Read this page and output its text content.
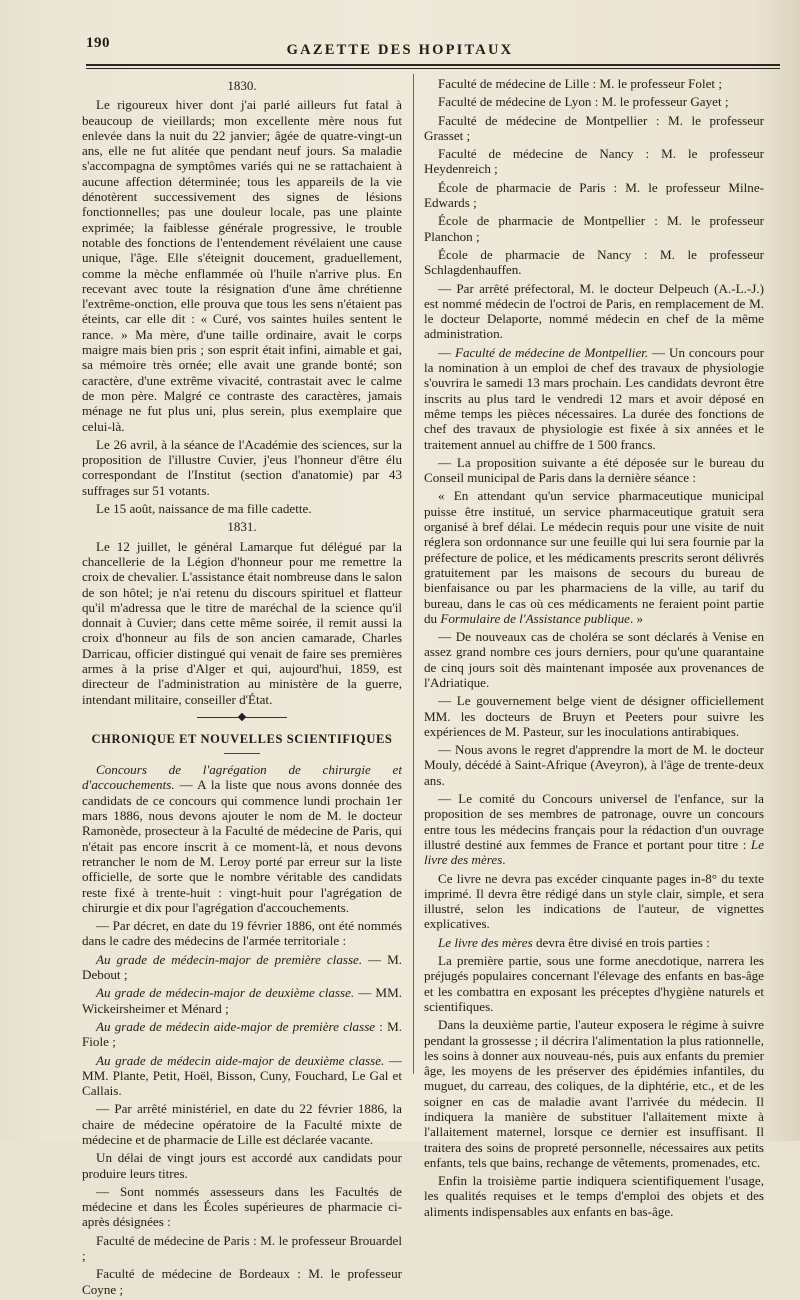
190	GAZETTE DES HOPITAUX
1830.

Le rigoureux hiver dont j'ai parlé ailleurs fut fatal à beaucoup de vieillards; mon excellente mère nous fut enlevée dans la nuit du 22 janvier; âgée de quatre-vingt-un ans, elle ne fut alitée que pendant neuf jours. Sa maladie s'accompagna de symptômes variés qui ne se rattachaient à aucune affection déterminée; tous les appareils de la vie dénotèrent successivement des signes de lésions fonctionnelles; pas une douleur locale, pas une plainte exprimée; la faiblesse générale progressive, le trouble notable des fonctions de l'entendement révélaient une cause unique, l'âge. Elle s'éteignit doucement, graduellement, comme la mèche enflammée où l'huile n'arrive plus. En recevant avec toute la résignation d'une âme chrétienne l'extrême-onction, elle prouva que tous les sens n'étaient pas éteints, car elle dit : « Curé, vos saintes huiles sentent le rance. » Ma mère, d'une taille ordinaire, avait le corps maigre mais bien pris ; son esprit était infini, aimable et gai, sa mémoire très ornée; elle avait une grande bonté; son caractère, d'une extrême vivacité, contrastait avec le calme de mon père. Malgré ce contraste des caractères, jamais ménage ne fut plus uni, plus serein, plus exemplaire que celui-là.

Le 26 avril, à la séance de l'Académie des sciences, sur la proposition de l'illustre Cuvier, j'eus l'honneur d'être élu correspondant de l'Institut (section d'anatomie) par 43 suffrages sur 51 votants.

Le 15 août, naissance de ma fille cadette.

1831.

Le 12 juillet, le général Lamarque fut délégué par la chancellerie de la Légion d'honneur pour me remettre la croix de chevalier. L'assistance était nombreuse dans le salon de son hôtel; je n'ai retenu du discours spirituel et flatteur qu'il m'adressa que le titre de maréchal de la science qu'il donnait à Cuvier; dans cette même soirée, il remit aussi la croix d'honneur au fils de son ancien camarade, Charles Darricau, officier distingué qui venait de faire ses premières armes à la prise d'Alger et qui, aujourd'hui, 1859, est directeur de l'administration au ministère de la guerre, intendant militaire, conseiller d'État.

CHRONIQUE ET NOUVELLES SCIENTIFIQUES

Concours de l'agrégation de chirurgie et d'accouchements. — A la liste que nous avons donnée des candidats de ce concours qui commence lundi prochain 1er mars 1886, nous devons ajouter le nom de M. le docteur Ramonède, prosecteur à la Faculté de médecine de Paris, qui n'était pas encore inscrit à ce moment-là, et nous devons retrancher le nom de M. Leroy porté par erreur sur la liste officielle, de sorte que le nombre véritable des candidats reste fixé à trente-huit : vingt-huit pour l'agrégation de chirurgie et dix pour l'agrégation d'accouchements.

— Par décret, en date du 19 février 1886, ont été nommés dans le cadre des médecins de l'armée territoriale :

Au grade de médecin-major de première classe. — M. Debout ;

Au grade de médecin-major de deuxième classe. — MM. Wickeirsheimer et Ménard ;

Au grade de médecin aide-major de première classe : M. Fiole ;

Au grade de médecin aide-major de deuxième classe. — MM. Plante, Petit, Hoël, Bisson, Cuny, Fouchard, Le Gal et Callais.

— Par arrêté ministériel, en date du 22 février 1886, la chaire de médecine opératoire de la Faculté mixte de médecine et de pharmacie de Lille est déclarée vacante.

Un délai de vingt jours est accordé aux candidats pour produire leurs titres.

— Sont nommés assesseurs dans les Facultés de médecine et dans les Écoles supérieures de pharmacie ci-après désignées :

Faculté de médecine de Paris : M. le professeur Brouardel ;

Faculté de médecine de Bordeaux : M. le professeur Coyne ;

Faculté de médecine de Lille : M. le professeur Folet ;

Faculté de médecine de Lyon : M. le professeur Gayet ;

Faculté de médecine de Montpellier : M. le professeur Grasset ;

Faculté de médecine de Nancy : M. le professeur Heydenreich ;

École de pharmacie de Paris : M. le professeur Milne-Edwards ;

École de pharmacie de Montpellier : M. le professeur Planchon ;

École de pharmacie de Nancy : M. le professeur Schlagdenhauffen.

— Par arrêté préfectoral, M. le docteur Delpeuch (A.-L.-J.) est nommé médecin de l'octroi de Paris, en remplacement de M. le docteur Delaporte, nommé médecin en chef de la même administration.

— Faculté de médecine de Montpellier. — Un concours pour la nomination à un emploi de chef des travaux de physiologie s'ouvrira le samedi 13 mars prochain. Les candidats devront être inscrits au plus tard le vendredi 12 mars et avoir déposé en même temps les pièces nécessaires. La durée des fonctions de chef des travaux de physiologie est fixée à six années et le traitement annuel au chiffre de 1 500 francs.

— La proposition suivante a été déposée sur le bureau du Conseil municipal de Paris dans la dernière séance :

« En attendant qu'un service pharmaceutique municipal puisse être institué, un service pharmaceutique gratuit sera organisé à bref délai. Le médecin requis pour une visite de nuit réglera son ordonnance sur une feuille qui lui sera fournie par la préfecture de police, et les médicaments prescrits seront délivrés gratuitement par les maisons de secours du bureau de bienfaisance ou par les pharmaciens de la ville, au tarif du bureau, dans le cas où ces médicaments ne feraient point partie du Formulaire de l'Assistance publique. »

— De nouveaux cas de choléra se sont déclarés à Venise en assez grand nombre ces jours derniers, pour qu'une quarantaine de cinq jours soit dès maintenant imposée aux provenances de l'Adriatique.

— Le gouvernement belge vient de désigner officiellement MM. les docteurs de Bruyn et Peeters pour suivre les expériences de M. Pasteur, sur les inoculations antirabiques.

— Nous avons le regret d'apprendre la mort de M. le docteur Mouly, décédé à Saint-Afrique (Aveyron), à l'âge de trente-deux ans.

— Le comité du Concours universel de l'enfance, sur la proposition de ses membres de patronage, ouvre un concours entre tous les médecins français pour la rédaction d'un ouvrage illustré destiné aux femmes de France et portant pour titre : Le livre des mères.

Ce livre ne devra pas excéder cinquante pages in-8° du texte imprimé. Il devra être rédigé dans un style clair, simple, et sera illustré, selon les indications de l'auteur, de vignettes explicatives.

Le livre des mères devra être divisé en trois parties :

La première partie, sous une forme anecdotique, narrera les préjugés populaires concernant l'élevage des enfants en bas-âge et les combattra en exposant les préceptes d'hygiène naturels et scientifiques.

Dans la deuxième partie, l'auteur exposera le régime à suivre pendant la grossesse ; il décrira l'alimentation la plus rationnelle, les soins à donner aux nouveau-nés, puis aux enfants du premier âge, les moyens de les préserver des épidémies infantiles, du muguet, du carreau, des coliques, de la diphtérie, etc., et de les soigner en cas de maladie avant l'arrivée du médecin. Il indiquera la manière de substituer l'allaitement mixte à l'allaitement maternel, lorsque ce dernier est insuffisant. Il traitera des soins de propreté personnelle, nécessaires aux petits enfants, tels que bains, rechange de vêtements, promenades, etc.

Enfin la troisième partie indiquera scientifiquement l'usage, les qualités requises et le temps d'emploi des objets et des aliments indispensables aux enfants en bas-âge.
